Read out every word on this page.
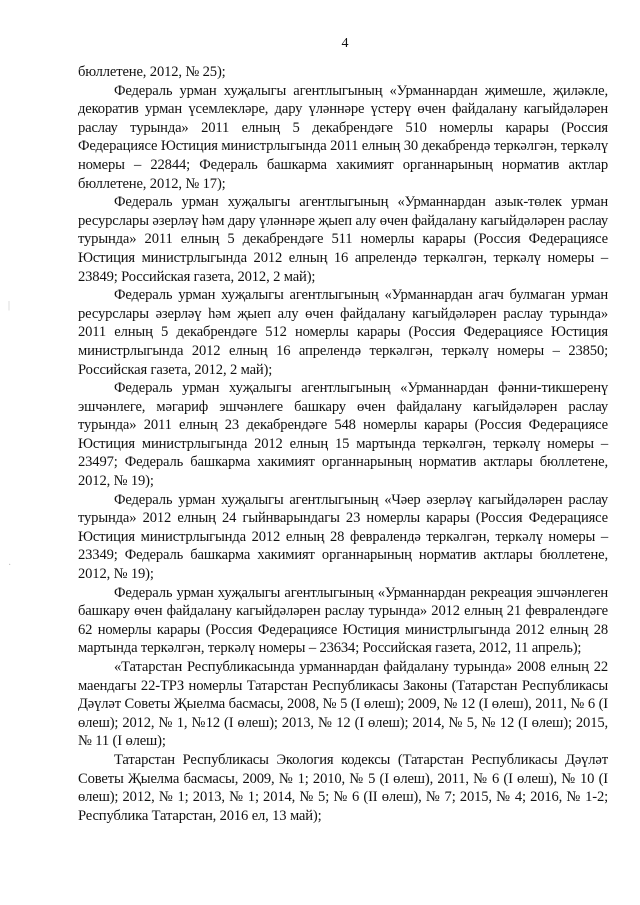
4
|
·

бюллетене, 2012, № 25);

Федераль урман хуҗалыгы агентлыгының «Урманнардан җимешле, җиләкле, декоратив урман үсемлекләре, дару үләннәре үстерү өчен файдалану кагыйдәләрен раслау турында» 2011 елның 5 декабрендәге 510 номерлы карары (Россия Федерациясе Юстиция министрлыгында 2011 елның 30 декабрендә теркәлгән, теркәлү номеры – 22844; Федераль башкарма хакимият органнарының норматив актлар бюллетене, 2012, № 17);

Федераль урман хуҗалыгы агентлыгының «Урманнардан азык-төлек урман ресурслары әзерләү һәм дару үләннәре җыеп алу өчен файдалану кагыйдәләрен раслау турында» 2011 елның 5 декабрендәге 511 номерлы карары (Россия Федерациясе Юстиция министрлыгында 2012 елның 16 апрелендә теркәлгән, теркәлү номеры – 23849; Российская газета, 2012, 2 май);

Федераль урман хуҗалыгы агентлыгының «Урманнардан агач булмаган урман ресурслары әзерләү һәм җыеп алу өчен файдалану кагыйдәләрен раслау турында» 2011 елның 5 декабрендәге 512 номерлы карары (Россия Федерациясе Юстиция министрлыгында 2012 елның 16 апрелендә теркәлгән, теркәлү номеры – 23850; Российская газета, 2012, 2 май);

Федераль урман хуҗалыгы агентлыгының «Урманнардан фәнни-тикшеренү эшчәнлеге, мәгариф эшчәнлеге башкару өчен файдалану кагыйдәләрен раслау турында» 2011 елның 23 декабрендәге 548 номерлы карары (Россия Федерациясе Юстиция министрлыгында 2012 елның 15 мартында теркәлгән, теркәлү номеры – 23497; Федераль башкарма хакимият органнарының норматив актлары бюллетене, 2012, № 19);

Федераль урман хуҗалыгы агентлыгының «Чәер әзерләү кагыйдәләрен раслау турында» 2012 елның 24 гыйнварындагы 23 номерлы карары (Россия Федерациясе Юстиция министрлыгында 2012 елның 28 февралендә теркәлгән, теркәлү номеры – 23349; Федераль башкарма хакимият органнарының норматив актлары бюллетене, 2012, № 19);

Федераль урман хуҗалыгы агентлыгының «Урманнардан рекреация эшчәнлеген башкару өчен файдалану кагыйдәләрен раслау турында» 2012 елның 21 февралендәге 62 номерлы карары (Россия Федерациясе Юстиция министрлыгында 2012 елның 28 мартында теркәлгән, теркәлү номеры – 23634; Российская газета, 2012, 11 апрель);

«Татарстан Республикасында урманнардан файдалану турында» 2008 елның 22 маендагы 22-ТРЗ номерлы Татарстан Республикасы Законы (Татарстан Республикасы Дәүләт Советы Җыелма басмасы, 2008, № 5 (I өлеш); 2009, № 12 (I өлеш), 2011, № 6 (I өлеш); 2012, № 1, №12 (I өлеш); 2013, № 12 (I өлеш); 2014, № 5, № 12 (I өлеш); 2015, № 11 (I өлеш);

Татарстан Республикасы Экология кодексы (Татарстан Республикасы Дәүләт Советы Җыелма басмасы, 2009, № 1; 2010, № 5 (I өлеш), 2011, № 6 (I өлеш), № 10 (I өлеш); 2012, № 1; 2013, № 1; 2014, № 5; № 6 (II өлеш), № 7; 2015, № 4; 2016, № 1-2; Республика Татарстан, 2016 ел, 13 май);
